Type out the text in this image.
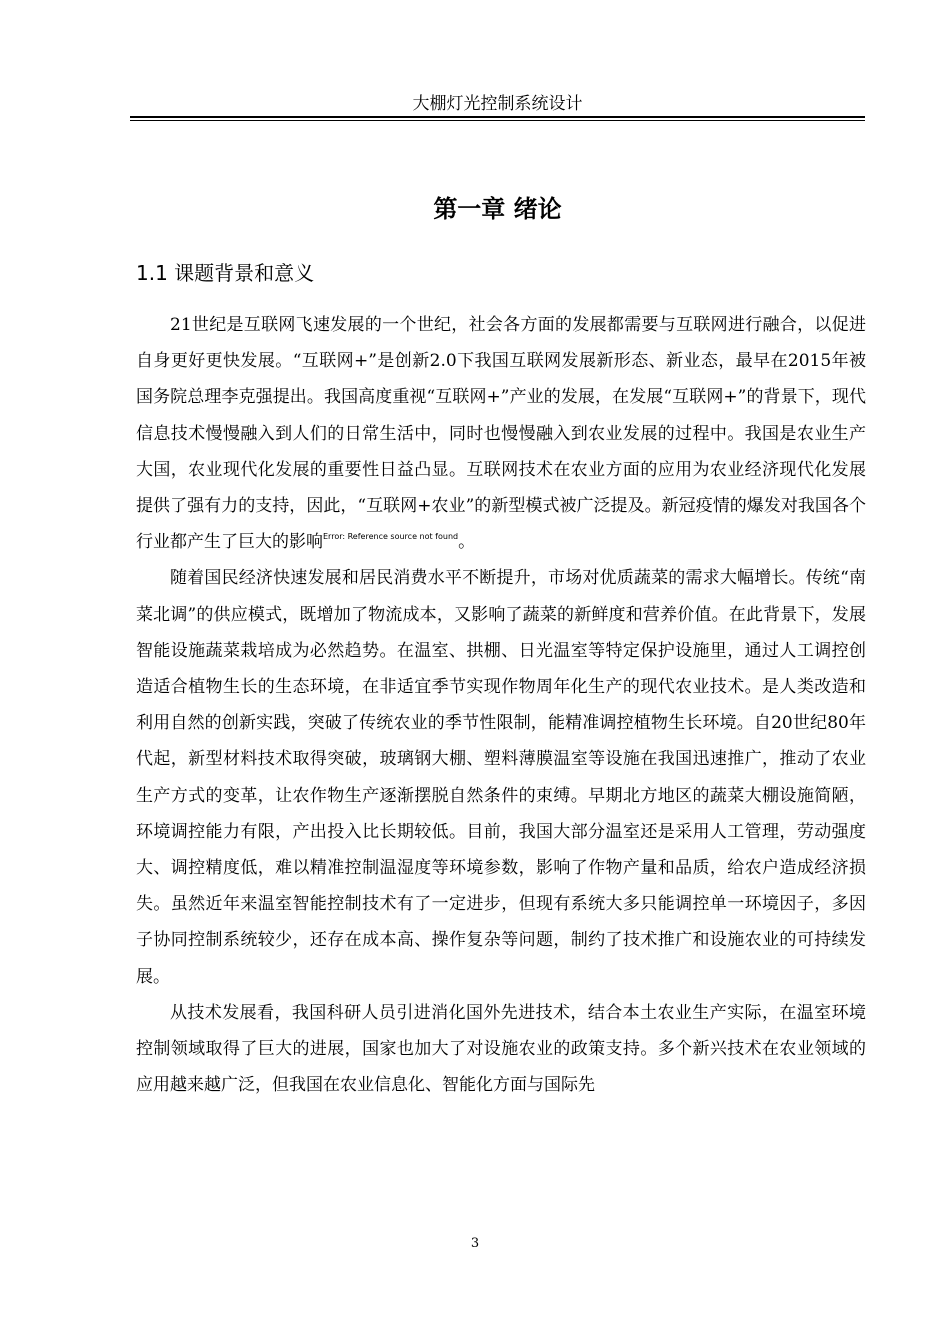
大棚灯光控制系统设计
第一章 绪论
1.1 课题背景和意义

21世纪是互联网飞速发展的一个世纪，社会各方面的发展都需要与互联网进行融合，以促进自身更好更快发展。“互联网+”是创新2.0下我国互联网发展新形态、新业态，最早在2015年被国务院总理李克强提出。我国高度重视“互联网+”产业的发展，在发展“互联网+”的背景下，现代信息技术慢慢融入到人们的日常生活中，同时也慢慢融入到农业发展的过程中。我国是农业生产大国，农业现代化发展的重要性日益凸显。互联网技术在农业方面的应用为农业经济现代化发展提供了强有力的支持，因此，“互联网+农业”的新型模式被广泛提及。新冠疫情的爆发对我国各个行业都产生了巨大的影响$^{Error: Reference source not found}$。

随着国民经济快速发展和居民消费水平不断提升，市场对优质蔬菜的需求大幅增长。传统“南菜北调”的供应模式，既增加了物流成本，又影响了蔬菜的新鲜度和营养价值。在此背景下，发展智能设施蔬菜栽培成为必然趋势。在温室、拱棚、日光温室等特定保护设施里，通过人工调控创造适合植物生长的生态环境，在非适宜季节实现作物周年化生产的现代农业技术。是人类改造和利用自然的创新实践，突破了传统农业的季节性限制，能精准调控植物生长环境。自20世纪80年代起，新型材料技术取得突破，玻璃钢大棚、塑料薄膜温室等设施在我国迅速推广，推动了农业生产方式的变革，让农作物生产逐渐摆脱自然条件的束缚。早期北方地区的蔬菜大棚设施简陋，环境调控能力有限，产出投入比长期较低。目前，我国大部分温室还是采用人工管理，劳动强度大、调控精度低，难以精准控制温湿度等环境参数，影响了作物产量和品质，给农户造成经济损失。虽然近年来温室智能控制技术有了一定进步，但现有系统大多只能调控单一环境因子，多因子协同控制系统较少，还存在成本高、操作复杂等问题，制约了技术推广和设施农业的可持续发展。

从技术发展看，我国科研人员引进消化国外先进技术，结合本土农业生产实际，在温室环境控制领域取得了巨大的进展，国家也加大了对设施农业的政策支持。多个新兴技术在农业领域的应用越来越广泛，但我国在农业信息化、智能化方面与国际先

3
